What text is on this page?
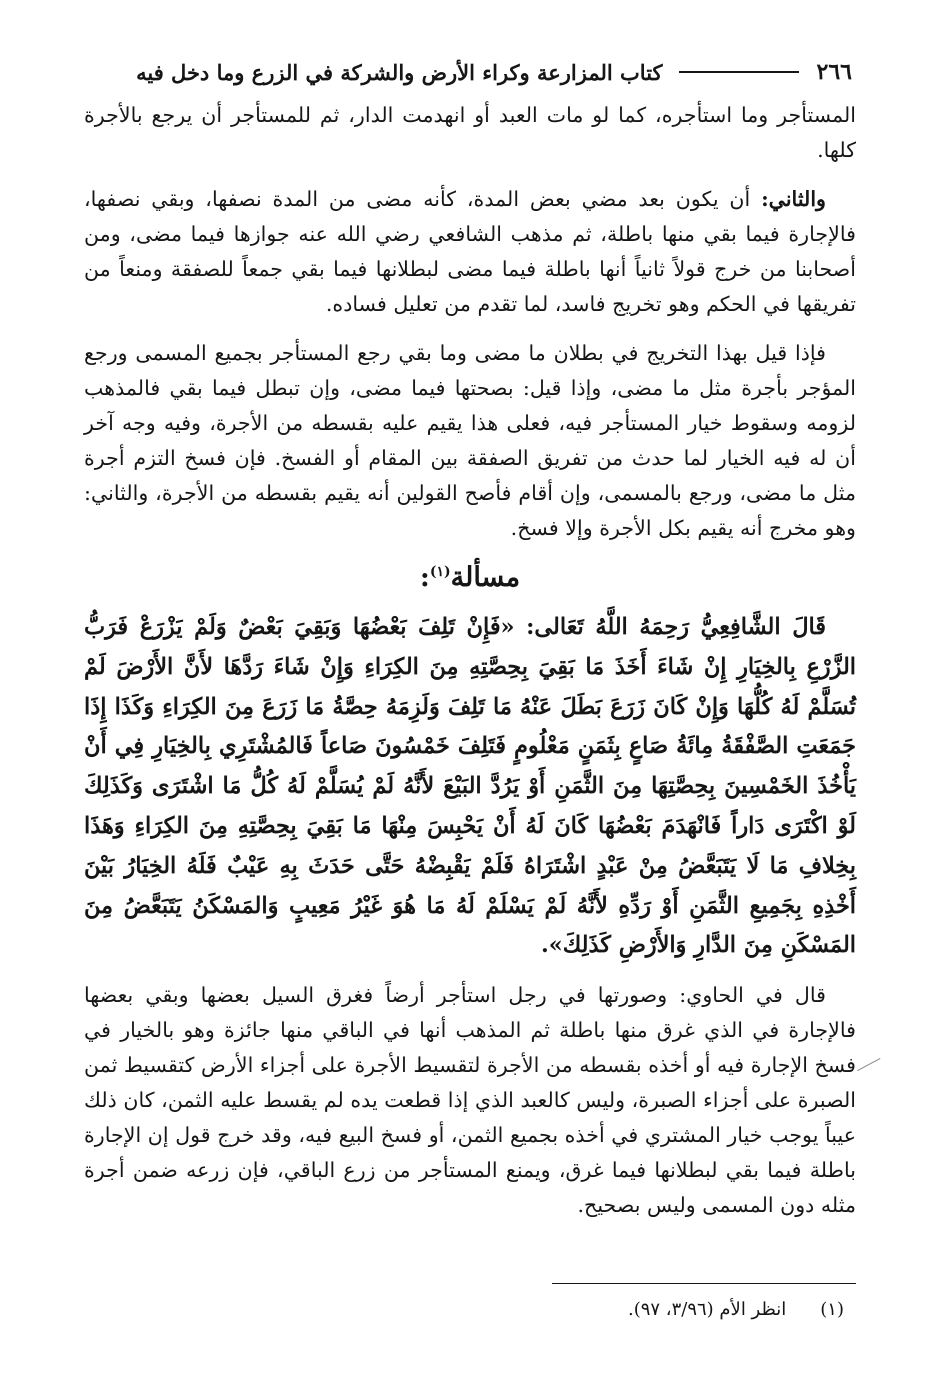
٢٦٦
كتاب المزارعة وكراء الأرض والشركة في الزرع وما دخل فيه

المستأجر وما استأجره، كما لو مات العبد أو انهدمت الدار، ثم للمستأجر أن يرجع بالأجرة كلها.

والثاني: أن يكون بعد مضي بعض المدة، كأنه مضى من المدة نصفها، وبقي نصفها، فالإجارة فيما بقي منها باطلة، ثم مذهب الشافعي رضي الله عنه جوازها فيما مضى، ومن أصحابنا من خرج قولاً ثانياً أنها باطلة فيما مضى لبطلانها فيما بقي جمعاً للصفقة ومنعاً من تفريقها في الحكم وهو تخريج فاسد، لما تقدم من تعليل فساده.

فإذا قيل بهذا التخريج في بطلان ما مضى وما بقي رجع المستأجر بجميع المسمى ورجع المؤجر بأجرة مثل ما مضى، وإذا قيل: بصحتها فيما مضى، وإن تبطل فيما بقي فالمذهب لزومه وسقوط خيار المستأجر فيه، فعلى هذا يقيم عليه بقسطه من الأجرة، وفيه وجه آخر أن له فيه الخيار لما حدث من تفريق الصفقة بين المقام أو الفسخ. فإن فسخ التزم أجرة مثل ما مضى، ورجع بالمسمى، وإن أقام فأصح القولين أنه يقيم بقسطه من الأجرة، والثاني: وهو مخرج أنه يقيم بكل الأجرة وإلا فسخ.

مسألة$^{(١)}$:

قَالَ الشَّافِعِيُّ رَحِمَهُ اللَّهُ تَعَالى: «فَإِنْ تَلِفَ بَعْضُهَا وَبَقِيَ بَعْضٌ وَلَمْ يَزْرَعْ فَرَبُّ الزَّرْعِ بِالخِيَارِ إِنْ شَاءَ أَخَذَ مَا بَقِيَ بِحِصَّتِهِ مِنَ الكِرَاءِ وَإِنْ شَاءَ رَدَّهَا لأَنَّ الأَرْضَ لَمْ تُسَلَّمْ لَهُ كُلُّهَا وَإِنْ كَانَ زَرَعَ بَطَلَ عَنْهُ مَا تَلِفَ وَلَزِمَهُ حِصَّةُ مَا زَرَعَ مِنَ الكِرَاءِ وَكَذَا إِذَا جَمَعَتِ الصَّفْقَةُ مِائَةُ صَاعٍ بِثَمَنٍ مَعْلُومٍ فَتَلِفَ خَمْسُونَ صَاعاً فَالمُشْتَرِي بِالخِيَارِ فِي أَنْ يَأْخُذَ الخَمْسِينَ بِحِصَّتِهَا مِنَ الثَّمَنِ أَوْ يَرُدَّ البَيْعَ لأَنَّهُ لَمْ يُسَلَّمْ لَهُ كُلُّ مَا اشْتَرَى وَكَذَلِكَ لَوْ اكْتَرَى دَاراً فَانْهَدَمَ بَعْضُهَا كَانَ لَهُ أَنْ يَحْبِسَ مِنْهَا مَا بَقِيَ بِحِصَّتِهِ مِنَ الكِرَاءِ وَهَذَا بِخِلافِ مَا لَا يَتَبَعَّضُ مِنْ عَبْدٍ اشْتَرَاهُ فَلَمْ يَقْبِضْهُ حَتَّى حَدَثَ بِهِ عَيْبٌ فَلَهُ الخِيَارُ بَيْنَ أَخْذِهِ بِجَمِيعِ الثَّمَنِ أَوْ رَدِّهِ لأَنَّهُ لَمْ يَسْلَمْ لَهُ مَا هُوَ غَيْرُ مَعِيبٍ وَالمَسْكَنُ يَتَبَعَّضُ مِنَ المَسْكَنِ مِنَ الدَّارِ وَالأَرْضِ كَذَلِكَ».

قال في الحاوي: وصورتها في رجل استأجر أرضاً فغرق السيل بعضها وبقي بعضها فالإجارة في الذي غرق منها باطلة ثم المذهب أنها في الباقي منها جائزة وهو بالخيار في فسخ الإجارة فيه أو أخذه بقسطه من الأجرة لتقسيط الأجرة على أجزاء الأرض كتقسيط ثمن الصبرة على أجزاء الصبرة، وليس كالعبد الذي إذا قطعت يده لم يقسط عليه الثمن، كان ذلك عيباً يوجب خيار المشتري في أخذه بجميع الثمن، أو فسخ البيع فيه، وقد خرج قول إن الإجارة باطلة فيما بقي لبطلانها فيما غرق، ويمنع المستأجر من زرع الباقي، فإن زرعه ضمن أجرة مثله دون المسمى وليس بصحيح.

(١)
انظر الأم (٣/٩٦، ٩٧).
